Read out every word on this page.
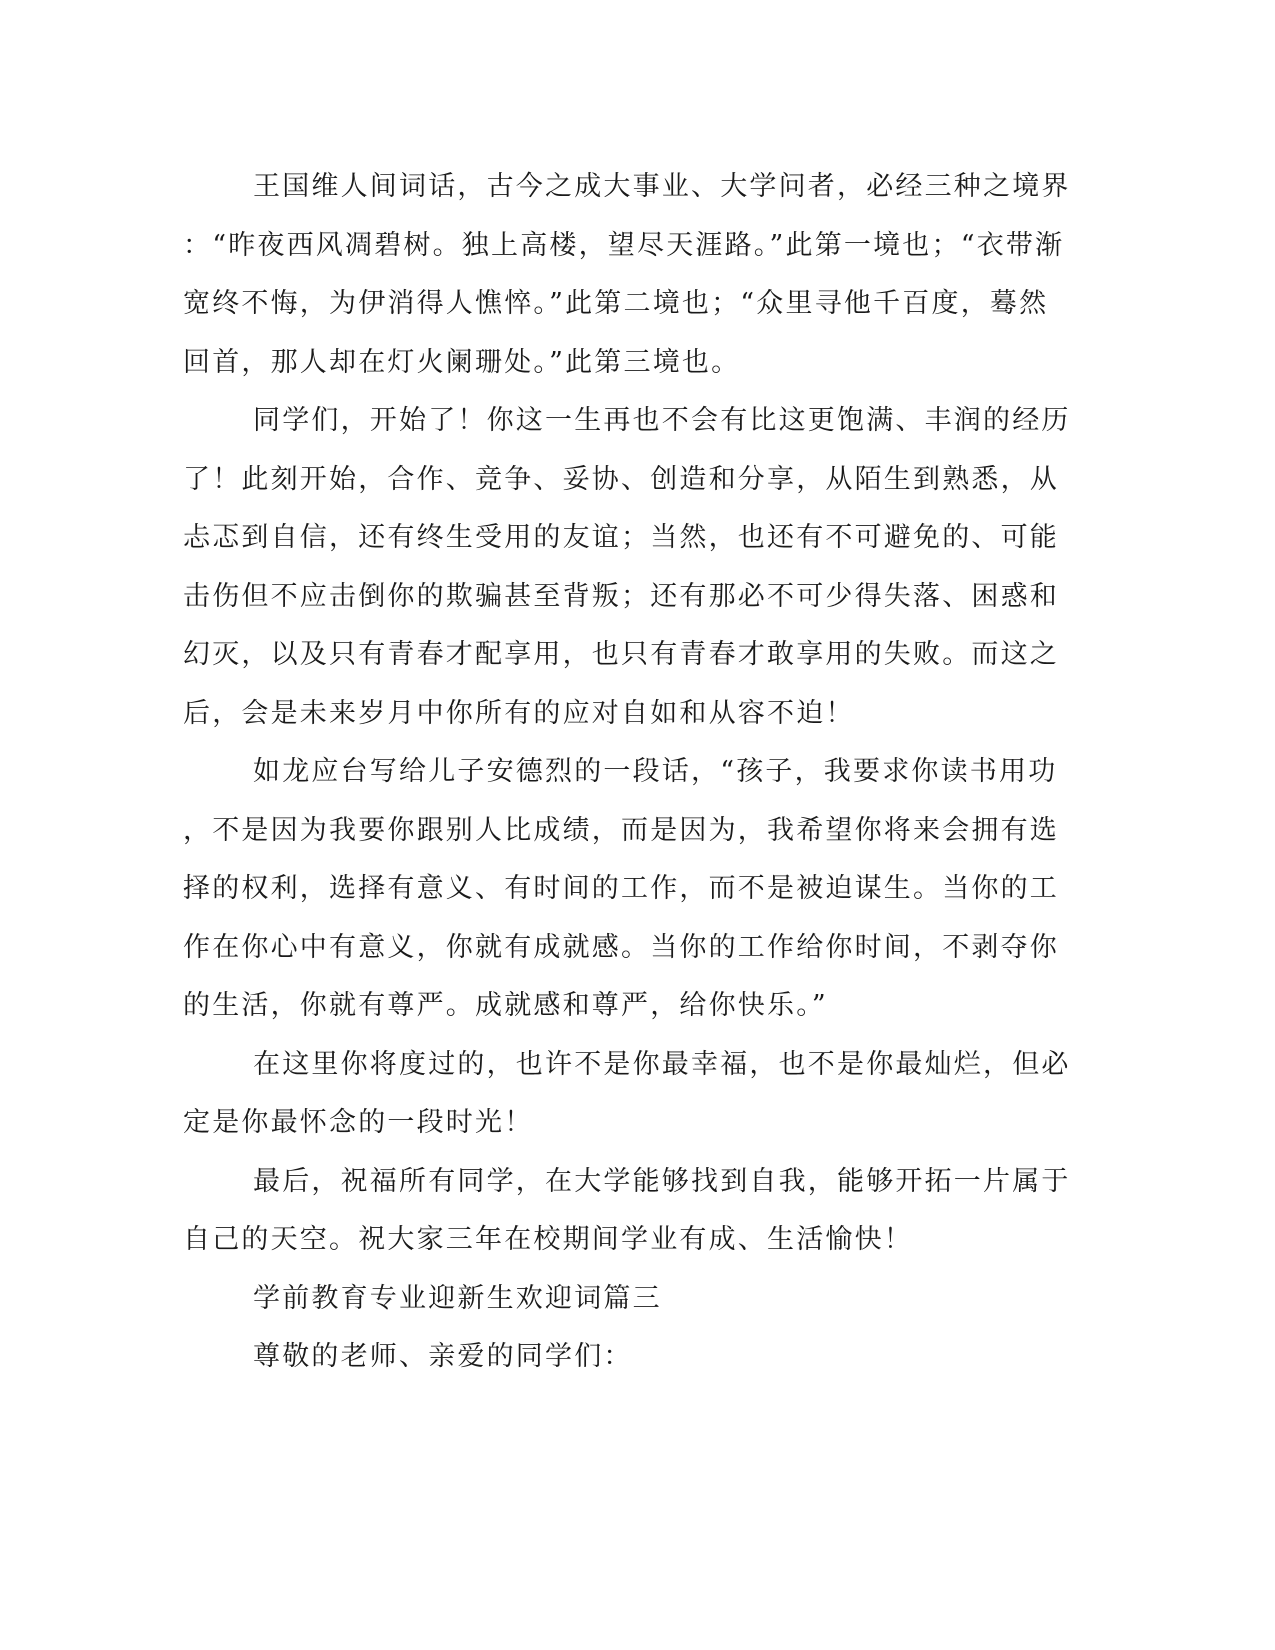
王国维人间词话，古今之成大事业、大学问者，必经三种之境界
：“昨夜西风凋碧树。独上高楼，望尽天涯路。”此第一境也；“衣带渐
宽终不悔，为伊消得人憔悴。”此第二境也；“众里寻他千百度，蓦然
回首，那人却在灯火阑珊处。”此第三境也。
同学们，开始了！你这一生再也不会有比这更饱满、丰润的经历
了！此刻开始，合作、竞争、妥协、创造和分享，从陌生到熟悉，从
忐忑到自信，还有终生受用的友谊；当然，也还有不可避免的、可能
击伤但不应击倒你的欺骗甚至背叛；还有那必不可少得失落、困惑和
幻灭，以及只有青春才配享用，也只有青春才敢享用的失败。而这之
后，会是未来岁月中你所有的应对自如和从容不迫！
如龙应台写给儿子安德烈的一段话，“孩子，我要求你读书用功
，不是因为我要你跟别人比成绩，而是因为，我希望你将来会拥有选
择的权利，选择有意义、有时间的工作，而不是被迫谋生。当你的工
作在你心中有意义，你就有成就感。当你的工作给你时间，不剥夺你
的生活，你就有尊严。成就感和尊严，给你快乐。”
在这里你将度过的，也许不是你最幸福，也不是你最灿烂，但必
定是你最怀念的一段时光！
最后，祝福所有同学，在大学能够找到自我，能够开拓一片属于
自己的天空。祝大家三年在校期间学业有成、生活愉快！
学前教育专业迎新生欢迎词篇三
尊敬的老师、亲爱的同学们：
